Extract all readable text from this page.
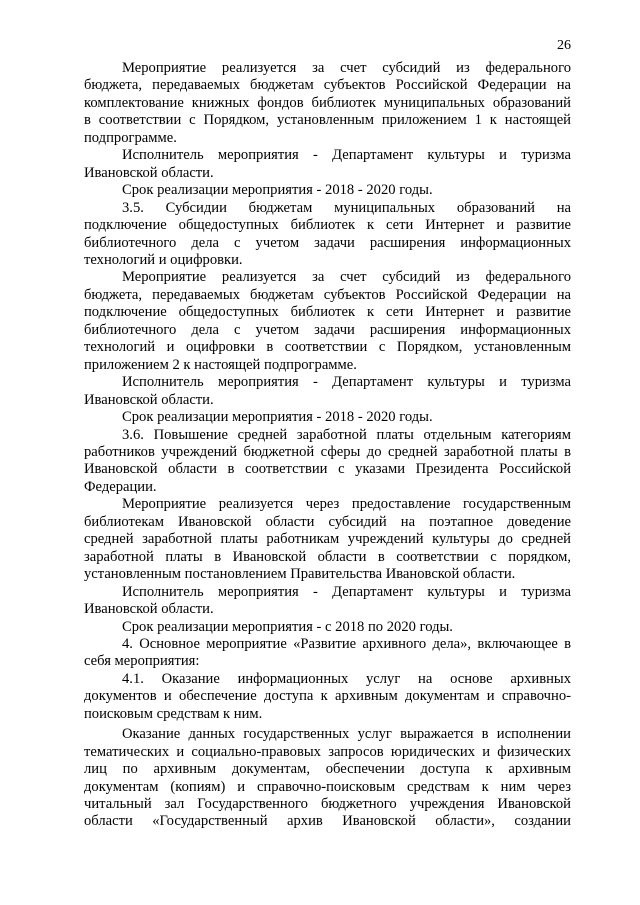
26
Мероприятие реализуется за счет субсидий из федерального
бюджета, передаваемых бюджетам субъектов Российской Федерации на
комплектование книжных фондов библиотек муниципальных образований
в соответствии с Порядком, установленным приложением 1 к настоящей
подпрограмме.
Исполнитель мероприятия - Департамент культуры и туризма
Ивановской области.
Срок реализации мероприятия - 2018 - 2020 годы.
3.5. Субсидии бюджетам муниципальных образований на
подключение общедоступных библиотек к сети Интернет и развитие
библиотечного дела с учетом задачи расширения информационных
технологий и оцифровки.
Мероприятие реализуется за счет субсидий из федерального
бюджета, передаваемых бюджетам субъектов Российской Федерации на
подключение общедоступных библиотек к сети Интернет и развитие
библиотечного дела с учетом задачи расширения информационных
технологий и оцифровки в соответствии с Порядком, установленным
приложением 2 к настоящей подпрограмме.
Исполнитель мероприятия - Департамент культуры и туризма
Ивановской области.
Срок реализации мероприятия - 2018 - 2020 годы.
3.6. Повышение средней заработной платы отдельным категориям
работников учреждений бюджетной сферы до средней заработной платы в
Ивановской области в соответствии с указами Президента Российской
Федерации.
Мероприятие реализуется через предоставление государственным
библиотекам Ивановской области субсидий на поэтапное доведение
средней заработной платы работникам учреждений культуры до средней
заработной платы в Ивановской области в соответствии с порядком,
установленным постановлением Правительства Ивановской области.
Исполнитель мероприятия - Департамент культуры и туризма
Ивановской области.
Срок реализации мероприятия - с 2018 по 2020 годы.
4. Основное мероприятие «Развитие архивного дела», включающее в
себя мероприятия:
4.1. Оказание информационных услуг на основе архивных
документов и обеспечение доступа к архивным документам и справочно-
поисковым средствам к ним.
Оказание данных государственных услуг выражается в исполнении
тематических и социально-правовых запросов юридических и физических
лиц по архивным документам, обеспечении доступа к архивным
документам (копиям) и справочно-поисковым средствам к ним через
читальный зал Государственного бюджетного учреждения Ивановской
области «Государственный архив Ивановской области», создании
